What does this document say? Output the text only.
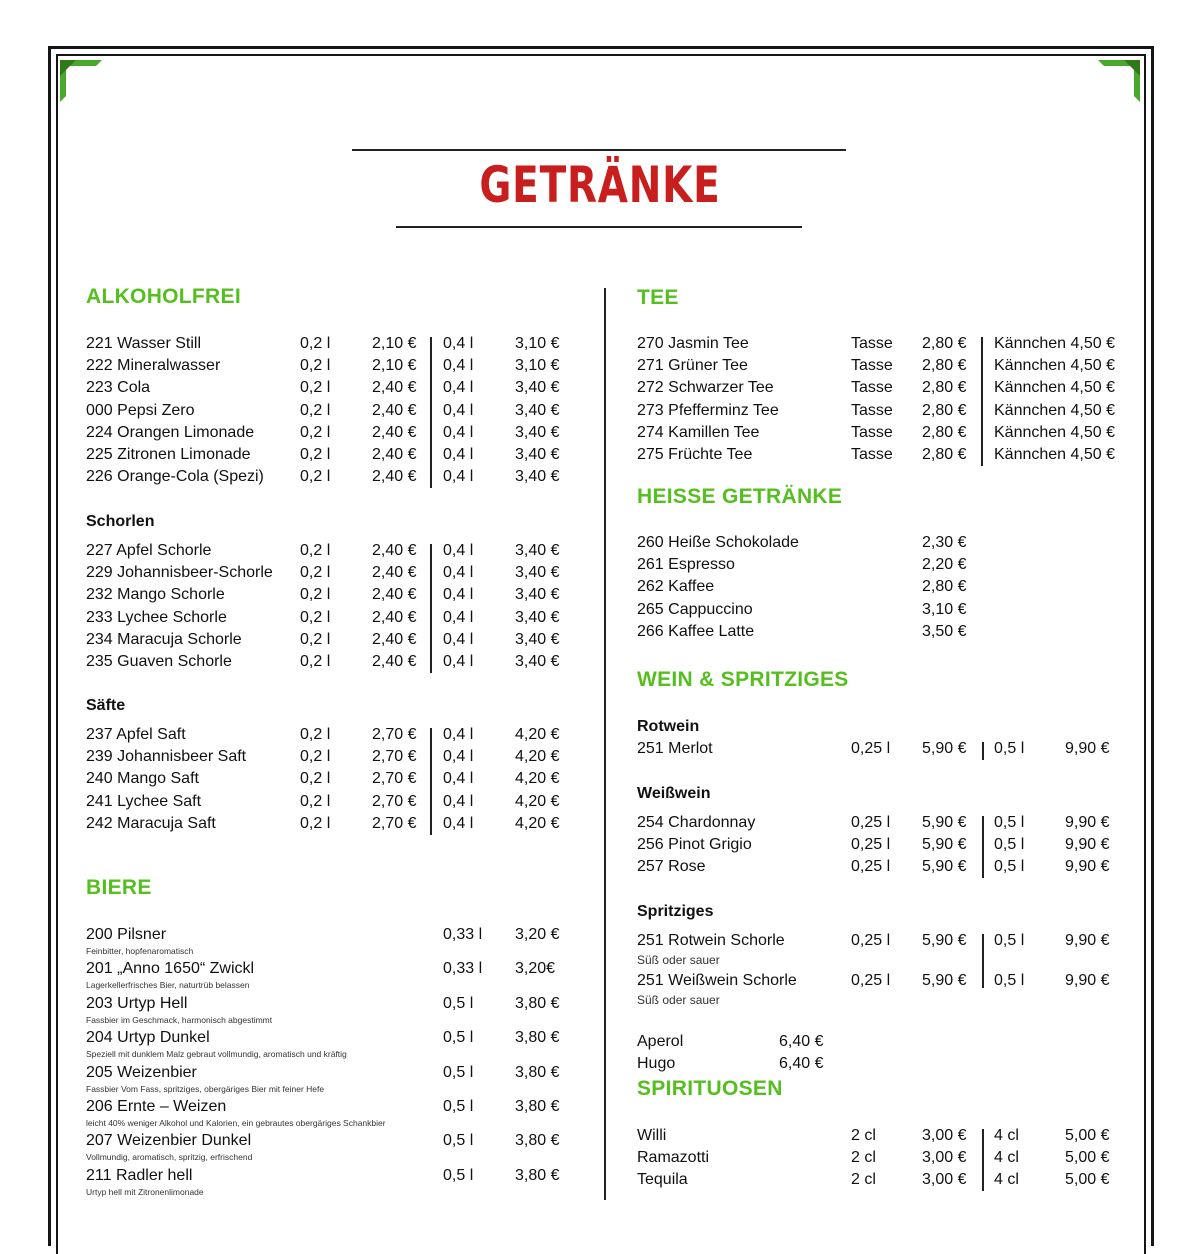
GETRÄNKE
ALKOHOLFREI
221 Wasser Still	0,2 l	2,10 € 0,4 l	3,10 €
222 Mineralwasser	0,2 l	2,10 € 0,4 l	3,10 €
223 Cola	0,2 l	2,40 € 0,4 l	3,40 €
000 Pepsi Zero	0,2 l	2,40 € 0,4 l	3,40 €
224 Orangen Limonade	0,2 l	2,40 € 0,4 l	3,40 €
225 Zitronen Limonade	0,2 l	2,40 € 0,4 l	3,40 €
226 Orange-Cola (Spezi) 0,2 l	2,40 € 0,4 l	3,40 €
Schorlen
227 Apfel Schorle	0,2 l	2,40 € 0,4 l	3,40 €
229 Johannisbeer-Schorle 0,2 l	2,40 € 0,4 l	3,40 €
232 Mango Schorle	0,2 l	2,40 € 0,4 l	3,40 €
233 Lychee Schorle	0,2 l	2,40 € 0,4 l	3,40 €
234 Maracuja Schorle	0,2 l	2,40 € 0,4 l	3,40 €
235 Guaven Schorle	0,2 l	2,40 € 0,4 l	3,40 €
Säfte
237 Apfel Saft	0,2 l	2,70 € 0,4 l	4,20 €
239 Johannisbeer Saft	0,2 l	2,70 € 0,4 l	4,20 €
240 Mango Saft	0,2 l	2,70 € 0,4 l	4,20 €
241 Lychee Saft	0,2 l	2,70 € 0,4 l	4,20 €
242 Maracuja Saft	0,2 l	2,70 € 0,4 l	4,20 €
BIERE
200 Pilsner	0,33 l 3,20 €
Feinbitter, hopfenaromatisch
201 „Anno 1650“ Zwickl	0,33 l 3,20€
Lagerkellerfrisches Bier, naturtrüb belassen
203 Urtyp Hell	0,5 l	3,80 €
Fassbier im Geschmack, harmonisch abgestimmt
204 Urtyp Dunkel	0,5 l	3,80 €
Speziell mit dunklem Malz gebraut vollmundig, aromatisch und kräftig
205 Weizenbier	0,5 l	3,80 €
Fassbier Vom Fass, spritziges, obergäriges Bier mit feiner Hefe
206 Ernte – Weizen	0,5 l	3,80 €
leicht 40% weniger Alkohol und Kalorien, ein gebrautes obergäriges Schankbier
207 Weizenbier Dunkel	0,5 l	3,80 €
Vollmundig, aromatisch, spritzig, erfrischend
211 Radler hell	0,5 l	3,80 €
Urtyp hell mit Zitronenlimonade
TEE
270 Jasmin Tee	Tasse 2,80 € Kännchen 4,50 €
271 Grüner Tee	Tasse 2,80 € Kännchen 4,50 €
272 Schwarzer Tee	Tasse 2,80 € Kännchen 4,50 €
273 Pfefferminz Tee	Tasse 2,80 € Kännchen 4,50 €
274 Kamillen Tee	Tasse 2,80 € Kännchen 4,50 €
275 Früchte Tee	Tasse 2,80 € Kännchen 4,50 €
HEISSE GETRÄNKE
260 Heiße Schokolade	2,30 €
261 Espresso	2,20 €
262 Kaffee	2,80 €
265 Cappuccino	3,10 €
266 Kaffee Latte	3,50 €
WEIN & SPRITZIGES
Rotwein
251 Merlot	0,25 l 5,90 € 0,5 l	9,90 €
Weißwein
254 Chardonnay	0,25 l 5,90 € 0,5 l	9,90 €
256 Pinot Grigio	0,25 l 5,90 € 0,5 l	9,90 €
257 Rose	0,25 l 5,90 € 0,5 l	9,90 €
Spritziges
251 Rotwein Schorle	0,25 l 5,90 € 0,5 l	9,90 €
Süß oder sauer
251 Weißwein Schorle	0,25 l 5,90 € 0,5 l	9,90 €
Süß oder sauer
Aperol	6,40 €
Hugo	6,40 €
SPIRITUOSEN
Willi	2 cl	3,00 € 4 cl	5,00 €
Ramazotti	2 cl	3,00 € 4 cl	5,00 €
Tequila	2 cl	3,00 € 4 cl	5,00 €
